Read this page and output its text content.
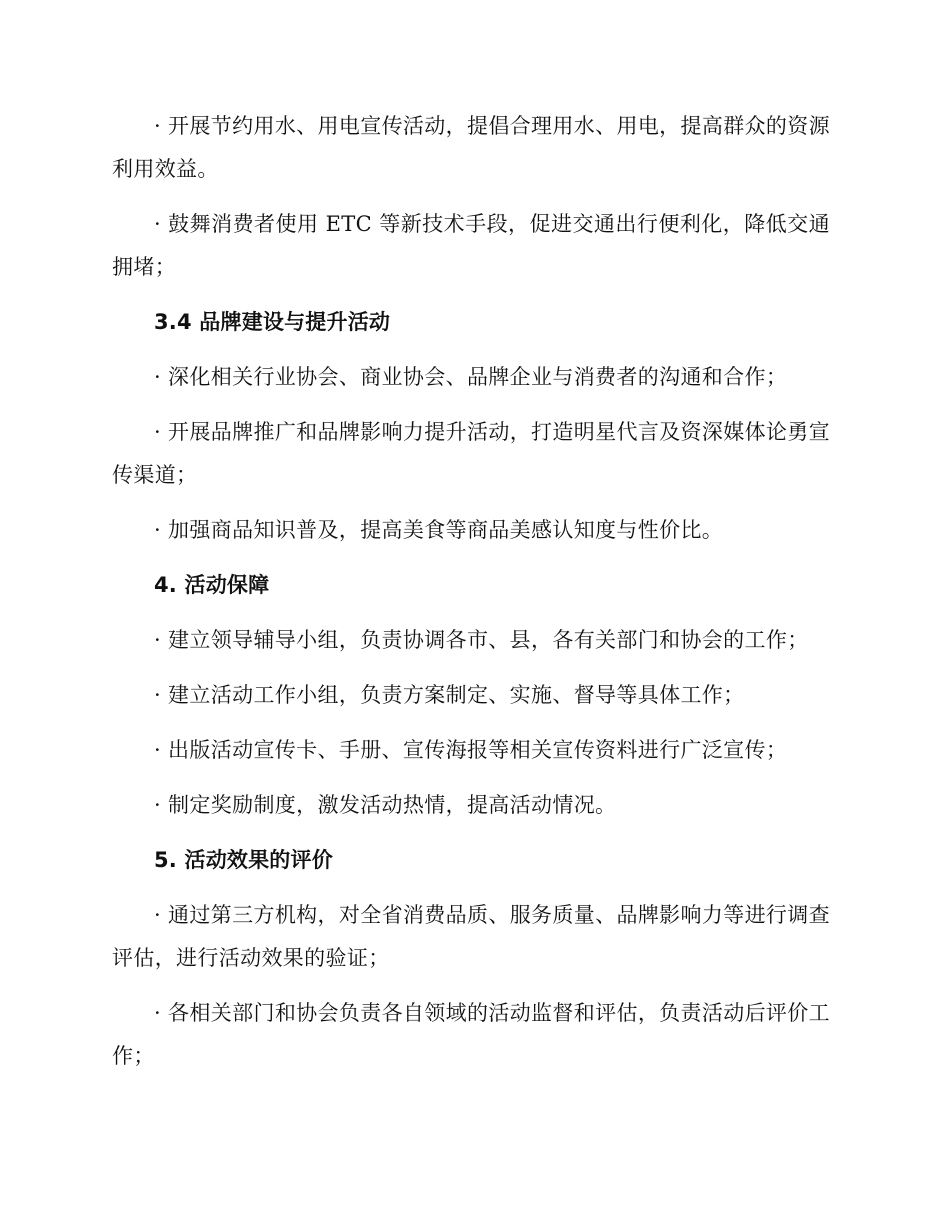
· 开展节约用水、用电宣传活动，提倡合理用水、用电，提高群众的资源利用效益。

· 鼓舞消费者使用 ETC 等新技术手段，促进交通出行便利化，降低交通拥堵；

3.4 品牌建设与提升活动

· 深化相关行业协会、商业协会、品牌企业与消费者的沟通和合作；

· 开展品牌推广和品牌影响力提升活动，打造明星代言及资深媒体论勇宣传渠道；

· 加强商品知识普及，提高美食等商品美感认知度与性价比。

4. 活动保障

· 建立领导辅导小组，负责协调各市、县，各有关部门和协会的工作；

· 建立活动工作小组，负责方案制定、实施、督导等具体工作；

· 出版活动宣传卡、手册、宣传海报等相关宣传资料进行广泛宣传；

· 制定奖励制度，激发活动热情，提高活动情况。

5. 活动效果的评价

· 通过第三方机构，对全省消费品质、服务质量、品牌影响力等进行调查评估，进行活动效果的验证；

· 各相关部门和协会负责各自领域的活动监督和评估，负责活动后评价工作；
